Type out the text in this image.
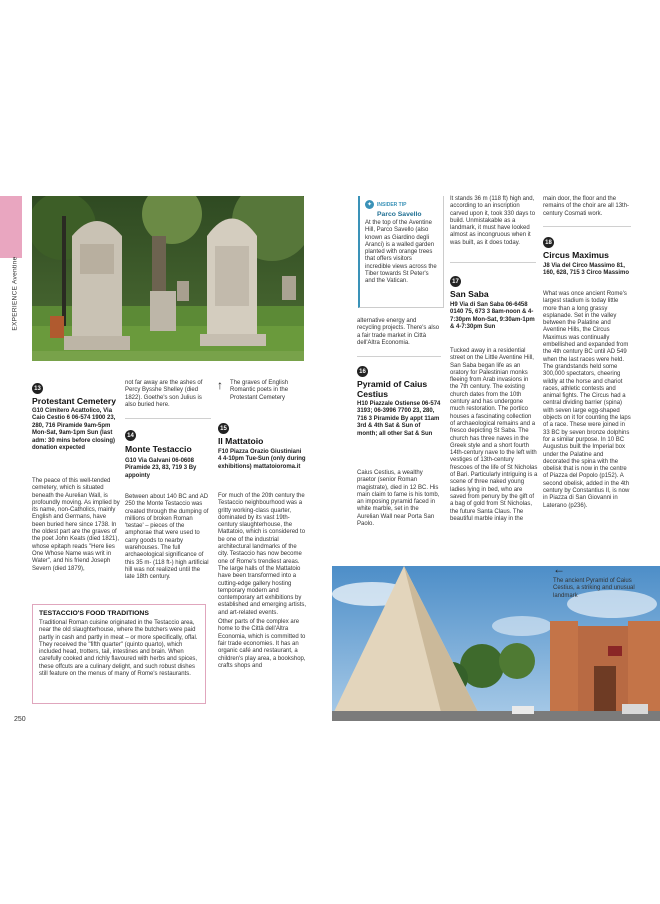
EXPERIENCE Aventine
13
Protestant Cemetery
G10 Cimitero Acattolico, Via Caio Cestio 6 06-574 1900 23, 280, 716 Piramide 9am-5pm Mon-Sat, 9am-1pm Sun (last adm: 30 mins before closing) donation expected
The peace of this well-tended cemetery, which is situated beneath the Aurelian Wall, is profoundly moving. As implied by its name, non-Catholics, mainly English and Germans, have been buried here since 1738. In the oldest part are the graves of the poet John Keats (died 1821), whose epitaph reads "Here lies One Whose Name was writ in Water", and his friend Joseph Severn (died 1879),
not far away are the ashes of Percy Bysshe Shelley (died 1822). Goethe's son Julius is also buried here.
14
Monte Testaccio
G10 Via Galvani 06-0608 Piramide 23, 83, 719 3 By appointy
Between about 140 BC and AD 250 the Monte Testaccio was created through the dumping of millions of broken Roman 'testae' – pieces of the amphorae that were used to carry goods to nearby warehouses. The full archaeological significance of this 35 m- (118 ft-) high artificial hill was not realized until the late 18th century.
↑ The graves of English Romantic poets in the Protestant Cemetery
15
Il Mattatoio
F10 Piazza Orazio Giustiniani 4 4-10pm Tue-Sun (only during exhibitions) mattatoioroma.it

For much of the 20th century the Testaccio neighbourhood was a gritty working-class quarter, dominated by its vast 19th-century slaughterhouse, the Mattatoio, which is considered to be one of the industrial architectural landmarks of the city. Testaccio has now become one of Rome's trendiest areas. The large halls of the Mattatoio have been transformed into a cutting-edge gallery hosting temporary modern and contemporary art exhibitions by established and emerging artists, and art-related events.

Other parts of the complex are home to the Città dell'Altra Economia, which is committed to fair trade economies. It has an organic café and restaurant, a children's play area, a bookshop, crafts shops and

TESTACCIO'S FOOD TRADITIONS
Traditional Roman cuisine originated in the Testaccio area, near the old slaughterhouse, where the butchers were paid partly in cash and partly in meat – or more specifically, offal. They received the "fifth quarter" (quinto quarto), which included head, trotters, tail, intestines and brain. When carefully cooked and richly flavoured with herbs and spices, these offcuts are a culinary delight, and such robust dishes still feature on the menus of many of Rome's restaurants.
250
✦ INSIDER TIP
Parco Savello
At the top of the Aventine Hill, Parco Savello (also known as Giardino degli Aranci) is a walled garden planted with orange trees that offers visitors incredible views across the Tiber towards St Peter's and the Vatican.
alternative energy and recycling projects. There's also a fair trade market in Città dell'Altra Economia.
16
Pyramid of Caius Cestius
H10 Piazzale Ostiense 06-574 3193; 06-3996 7700 23, 280, 716 3 Piramide By appt 11am 3rd & 4th Sat & Sun of month; all other Sat & Sun
Caius Cestius, a wealthy praetor (senior Roman magistrate), died in 12 BC. His main claim to fame is his tomb, an imposing pyramid faced in white marble, set in the Aurelian Wall near Porta San Paolo.
It stands 36 m (118 ft) high and, according to an inscription carved upon it, took 330 days to build. Unmistakable as a landmark, it must have looked almost as incongruous when it was built, as it does today.
17
San Saba
H9 Via di San Saba 06-6458 0140 75, 673 3 8am-noon & 4-7:30pm Mon-Sat, 9:30am-1pm & 4-7:30pm Sun
Tucked away in a residential street on the Little Aventine Hill, San Saba began life as an oratory for Palestinian monks fleeing from Arab invasions in the 7th century. The existing church dates from the 10th century and has undergone much restoration. The portico houses a fascinating collection of archaeological remains and a fresco depicting St Saba. The church has three naves in the Greek style and a short fourth 14th-century nave to the left with vestiges of 13th-century frescoes of the life of St Nicholas of Bari. Particularly intriguing is a scene of three naked young ladies lying in bed, who are saved from penury by the gift of a bag of gold from St Nicholas, the future Santa Claus. The beautiful marble inlay in the
main door, the floor and the remains of the choir are all 13th-century Cosmati work.
18
Circus Maximus
J8 Via del Circo Massimo 81, 160, 628, 715 3 Circo Massimo
What was once ancient Rome's largest stadium is today little more than a long grassy esplanade. Set in the valley between the Palatine and Aventine Hills, the Circus Maximus was continually embellished and expanded from the 4th century BC until AD 549 when the last races were held. The grandstands held some 300,000 spectators, cheering wildly at the horse and chariot races, athletic contests and animal fights. The Circus had a central dividing barrier (spina) with seven large egg-shaped objects on it for counting the laps of a race. These were joined in 33 BC by seven bronze dolphins for a similar purpose. In 10 BC Augustus built the Imperial box under the Palatine and decorated the spina with the obelisk that is now in the centre of Piazza del Popolo (p152). A second obelisk, added in the 4th century by Constantius II, is now in Piazza di San Giovanni in Laterano (p236).
←
The ancient Pyramid of Caius Cestius, a striking and unusual landmark
